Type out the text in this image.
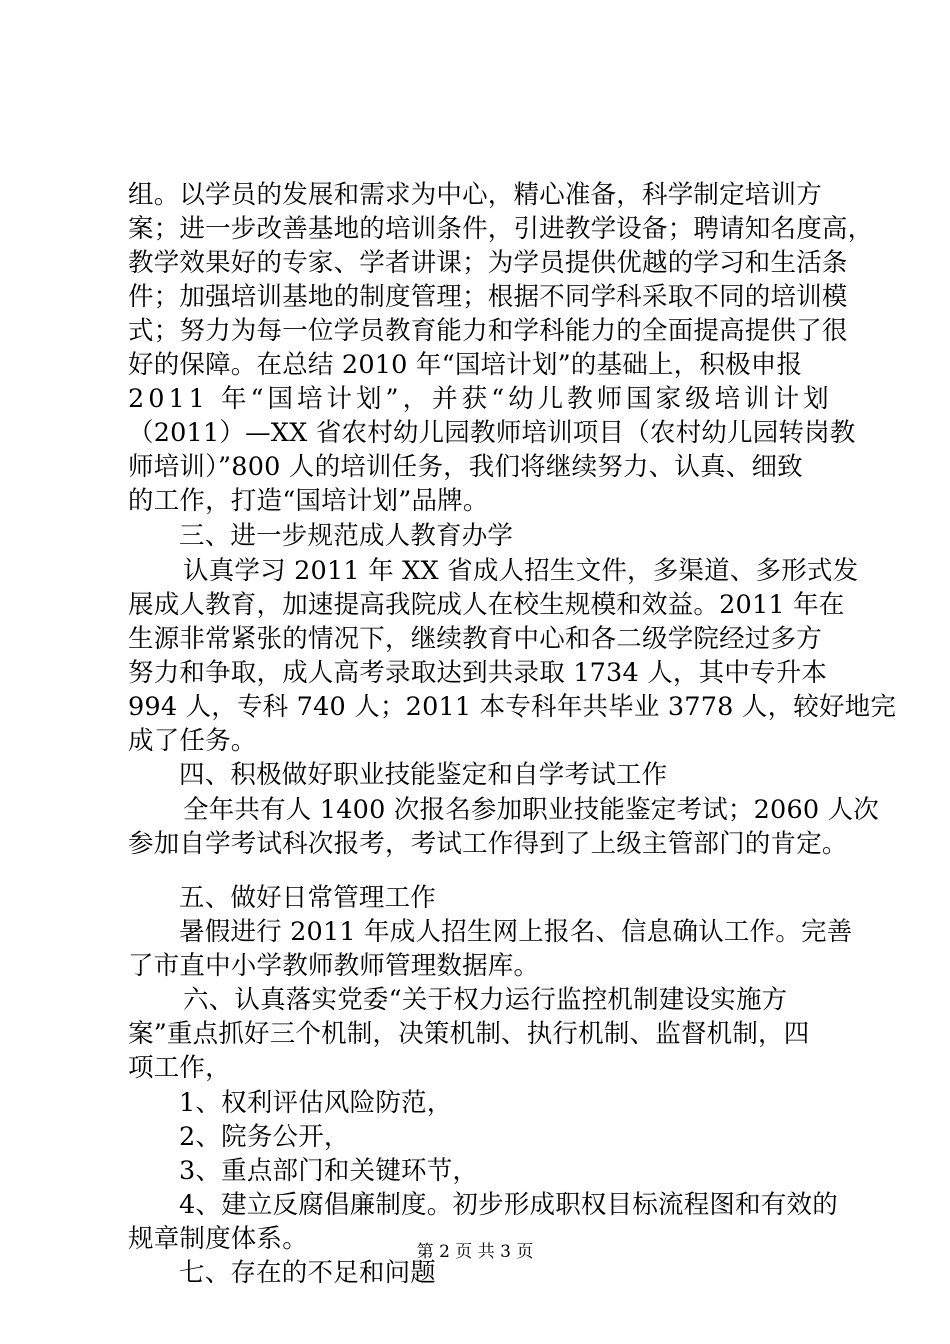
组。以学员的发展和需求为中心，精心准备，科学制定培训方
案；进一步改善基地的培训条件，引进教学设备；聘请知名度高，
教学效果好的专家、学者讲课；为学员提供优越的学习和生活条
件；加强培训基地的制度管理；根据不同学科采取不同的培训模
式；努力为每一位学员教育能力和学科能力的全面提高提供了很
好的保障。在总结 2010 年“国培计划”的基础上，积极申报
2011 年“国培计划”，并获“幼儿教师国家级培训计划
（2011）—XX 省农村幼儿园教师培训项目（农村幼儿园转岗教
师培训）”800 人的培训任务，我们将继续努力、认真、细致
的工作，打造“国培计划”品牌。
三、进一步规范成人教育办学
认真学习 2011 年 XX 省成人招生文件，多渠道、多形式发
展成人教育，加速提高我院成人在校生规模和效益。2011 年在
生源非常紧张的情况下，继续教育中心和各二级学院经过多方
努力和争取，成人高考录取达到共录取 1734 人，其中专升本
994 人，专科 740 人；2011 本专科年共毕业 3778 人，较好地完
成了任务。
四、积极做好职业技能鉴定和自学考试工作
全年共有人 1400 次报名参加职业技能鉴定考试；2060 人次
参加自学考试科次报考，考试工作得到了上级主管部门的肯定。
五、做好日常管理工作
暑假进行 2011 年成人招生网上报名、信息确认工作。完善
了市直中小学教师教师管理数据库。
六、认真落实党委“关于权力运行监控机制建设实施方
案”重点抓好三个机制，决策机制、执行机制、监督机制，四
项工作，
1、权利评估风险防范，
2、院务公开，
3、重点部门和关键环节，
4、建立反腐倡廉制度。初步形成职权目标流程图和有效的
规章制度体系。
七、存在的不足和问题
第 2 页 共 3 页
